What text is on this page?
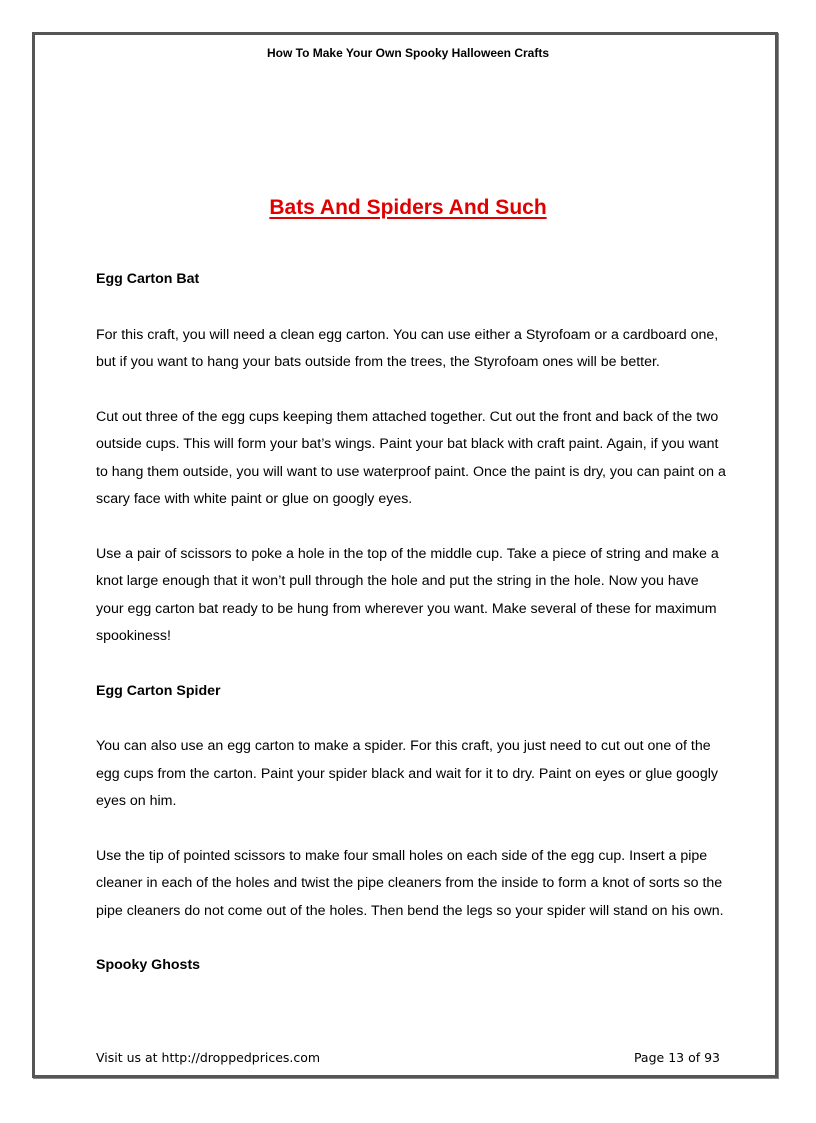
How To Make Your Own Spooky Halloween Crafts
Bats And Spiders And Such
Egg Carton Bat

For this craft, you will need a clean egg carton. You can use either a Styrofoam or a cardboard one, but if you want to hang your bats outside from the trees, the Styrofoam ones will be better.

Cut out three of the egg cups keeping them attached together. Cut out the front and back of the two outside cups. This will form your bat’s wings. Paint your bat black with craft paint. Again, if you want to hang them outside, you will want to use waterproof paint. Once the paint is dry, you can paint on a scary face with white paint or glue on googly eyes.

Use a pair of scissors to poke a hole in the top of the middle cup. Take a piece of string and make a knot large enough that it won’t pull through the hole and put the string in the hole. Now you have your egg carton bat ready to be hung from wherever you want. Make several of these for maximum spookiness!

Egg Carton Spider

You can also use an egg carton to make a spider. For this craft, you just need to cut out one of the egg cups from the carton. Paint your spider black and wait for it to dry. Paint on eyes or glue googly eyes on him.

Use the tip of pointed scissors to make four small holes on each side of the egg cup. Insert a pipe cleaner in each of the holes and twist the pipe cleaners from the inside to form a knot of sorts so the pipe cleaners do not come out of the holes. Then bend the legs so your spider will stand on his own.

Spooky Ghosts
Visit us at http://droppedprices.com	Page 13 of 93
